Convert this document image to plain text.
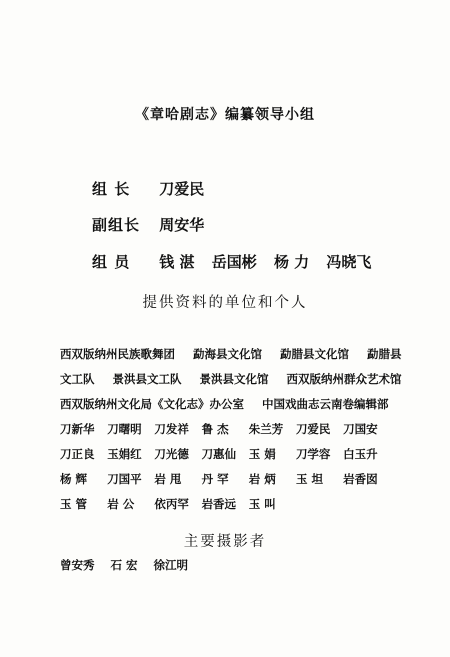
《章哈剧志》编纂领导小组
组 长 刀爱民
副组长 周安华
组 员 钱 湛 岳国彬 杨 力 冯晓飞
提供资料的单位和个人
西双版纳州民族歌舞团 勐海县文化馆 勐腊县文化馆 勐腊县
文工队 景洪县文工队 景洪县文化馆 西双版纳州群众艺术馆
西双版纳州文化局《文化志》办公室 中国戏曲志云南卷编辑部
刀新华 刀曙明 刀发祥 鲁 杰 朱兰芳 刀爱民 刀国安
刀正良 玉娟红 刀光德 刀惠仙 玉 娟 刀学容 白玉升
杨 辉 刀国平 岩 甩 丹 罕 岩 炳 玉 坦 岩香囡
玉 管 岩 公 依丙罕 岩香远 玉 叫
主要摄影者
曾安秀 石 宏 徐江明
